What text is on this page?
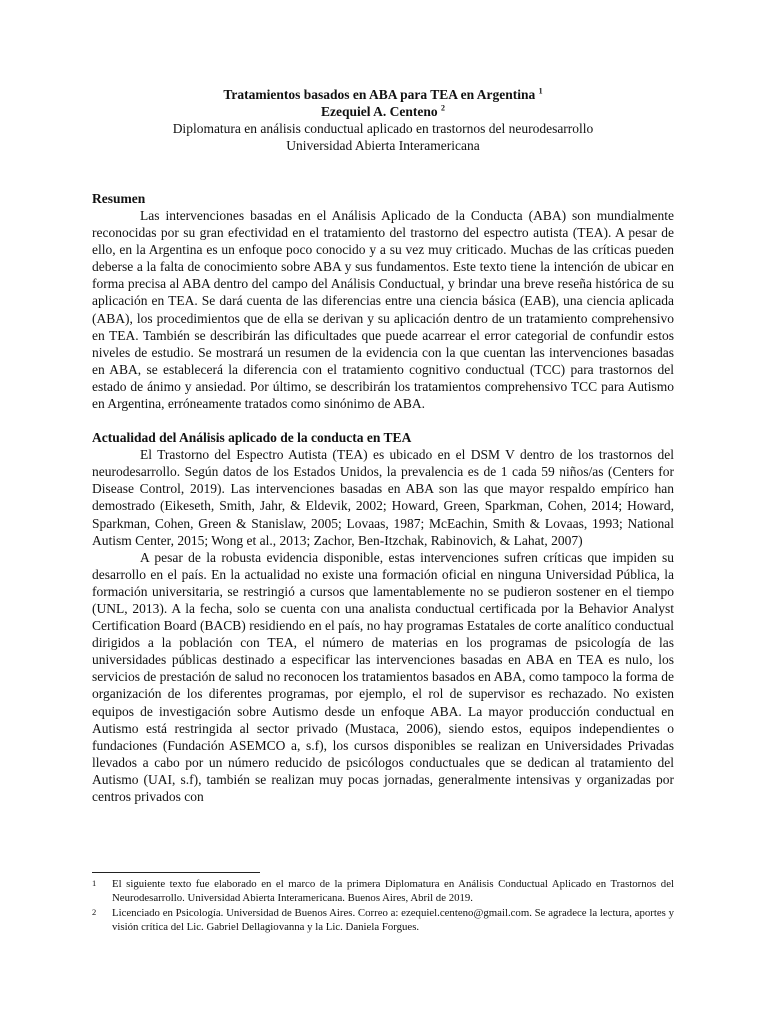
Tratamientos basados en ABA para TEA en Argentina $^1$
Ezequiel A. Centeno $^2$
Diplomatura en análisis conductual aplicado en trastornos del neurodesarrollo
Universidad Abierta Interamericana
Resumen

Las intervenciones basadas en el Análisis Aplicado de la Conducta (ABA) son mundialmente reconocidas por su gran efectividad en el tratamiento del trastorno del espectro autista (TEA). A pesar de ello, en la Argentina es un enfoque poco conocido y a su vez muy criticado. Muchas de las críticas pueden deberse a la falta de conocimiento sobre ABA y sus fundamentos. Este texto tiene la intención de ubicar en forma precisa al ABA dentro del campo del Análisis Conductual, y brindar una breve reseña histórica de su aplicación en TEA. Se dará cuenta de las diferencias entre una ciencia básica (EAB), una ciencia aplicada (ABA), los procedimientos que de ella se derivan y su aplicación dentro de un tratamiento comprehensivo en TEA. También se describirán las dificultades que puede acarrear el error categorial de confundir estos niveles de estudio. Se mostrará un resumen de la evidencia con la que cuentan las intervenciones basadas en ABA, se establecerá la diferencia con el tratamiento cognitivo conductual (TCC) para trastornos del estado de ánimo y ansiedad. Por último, se describirán los tratamientos comprehensivo TCC para Autismo en Argentina, erróneamente tratados como sinónimo de ABA.

Actualidad del Análisis aplicado de la conducta en TEA

El Trastorno del Espectro Autista (TEA) es ubicado en el DSM V dentro de los trastornos del neurodesarrollo. Según datos de los Estados Unidos, la prevalencia es de 1 cada 59 niños/as (Centers for Disease Control, 2019). Las intervenciones basadas en ABA son las que mayor respaldo empírico han demostrado (Eikeseth, Smith, Jahr, & Eldevik, 2002; Howard, Green, Sparkman, Cohen, 2014; Howard, Sparkman, Cohen, Green & Stanislaw, 2005; Lovaas, 1987; McEachin, Smith & Lovaas, 1993; National Autism Center, 2015; Wong et al., 2013; Zachor, Ben-Itzchak, Rabinovich, & Lahat, 2007)

A pesar de la robusta evidencia disponible, estas intervenciones sufren críticas que impiden su desarrollo en el país. En la actualidad no existe una formación oficial en ninguna Universidad Pública, la formación universitaria, se restringió a cursos que lamentablemente no se pudieron sostener en el tiempo (UNL, 2013). A la fecha, solo se cuenta con una analista conductual certificada por la Behavior Analyst Certification Board (BACB) residiendo en el país, no hay programas Estatales de corte analítico conductual dirigidos a la población con TEA, el número de materias en los programas de psicología de las universidades públicas destinado a especificar las intervenciones basadas en ABA en TEA es nulo, los servicios de prestación de salud no reconocen los tratamientos basados en ABA, como tampoco la forma de organización de los diferentes programas, por ejemplo, el rol de supervisor es rechazado. No existen equipos de investigación sobre Autismo desde un enfoque ABA. La mayor producción conductual en Autismo está restringida al sector privado (Mustaca, 2006), siendo estos, equipos independientes o fundaciones (Fundación ASEMCO a, s.f), los cursos disponibles se realizan en Universidades Privadas llevados a cabo por un número reducido de psicólogos conductuales que se dedican al tratamiento del Autismo (UAI, s.f), también se realizan muy pocas jornadas, generalmente intensivas y organizadas por centros privados con

1 El siguiente texto fue elaborado en el marco de la primera Diplomatura en Análisis Conductual Aplicado en Trastornos del Neurodesarrollo. Universidad Abierta Interamericana. Buenos Aires, Abril de 2019.
2 Licenciado en Psicología. Universidad de Buenos Aires. Correo a: ezequiel.centeno@gmail.com. Se agradece la lectura, aportes y visión crítica del Lic. Gabriel Dellagiovanna y la Lic. Daniela Forgues.
